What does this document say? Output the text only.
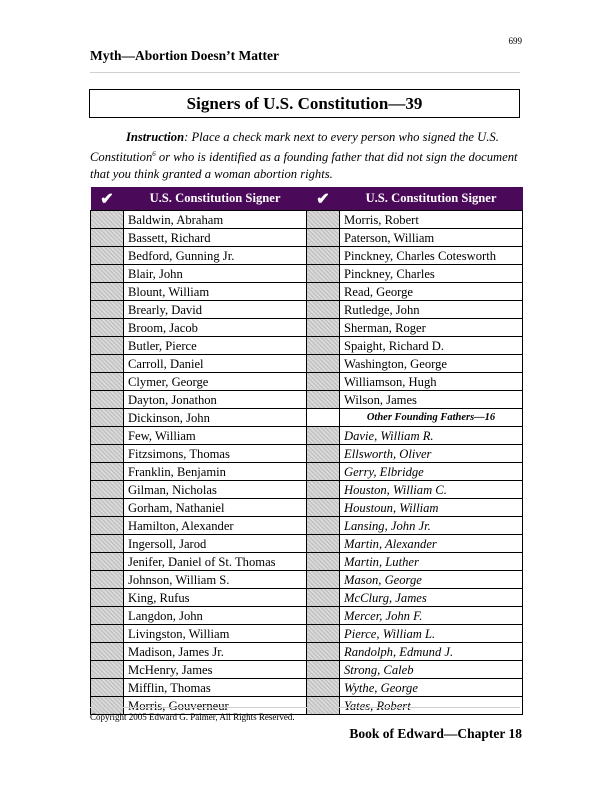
699
Myth—Abortion Doesn’t Matter
Signers of U.S. Constitution—39

Instruction: Place a check mark next to every person who signed the U.S. Constitution$^6$ or who is identified as a founding father that did not sign the document that you think granted a woman abortion rights.

✔	U.S. Constitution Signer	✔	U.S. Constitution Signer
	Baldwin, Abraham		Morris, Robert
	Bassett, Richard		Paterson, William
	Bedford, Gunning Jr.		Pinckney, Charles Cotesworth
	Blair, John		Pinckney, Charles
	Blount, William		Read, George
	Brearly, David		Rutledge, John
	Broom, Jacob		Sherman, Roger
	Butler, Pierce		Spaight, Richard D.
	Carroll, Daniel		Washington, George
	Clymer, George		Williamson, Hugh
	Dayton, Jonathon		Wilson, James
	Dickinson, John		Other Founding Fathers—16
	Few, William		Davie, William R.
	Fitzsimons, Thomas		Ellsworth, Oliver
	Franklin, Benjamin		Gerry, Elbridge
	Gilman, Nicholas		Houston, William C.
	Gorham, Nathaniel		Houstoun, William
	Hamilton, Alexander		Lansing, John Jr.
	Ingersoll, Jarod		Martin, Alexander
	Jenifer, Daniel of St. Thomas		Martin, Luther
	Johnson, William S.		Mason, George
	King, Rufus		McClurg, James
	Langdon, John		Mercer, John F.
	Livingston, William		Pierce, William L.
	Madison, James Jr.		Randolph, Edmund J.
	McHenry, James		Strong, Caleb
	Mifflin, Thomas		Wythe, George
	Morris, Gouverneur		Yates, Robert
Copyright 2005 Edward G. Palmer, All Rights Reserved.
Book of Edward—Chapter 18
